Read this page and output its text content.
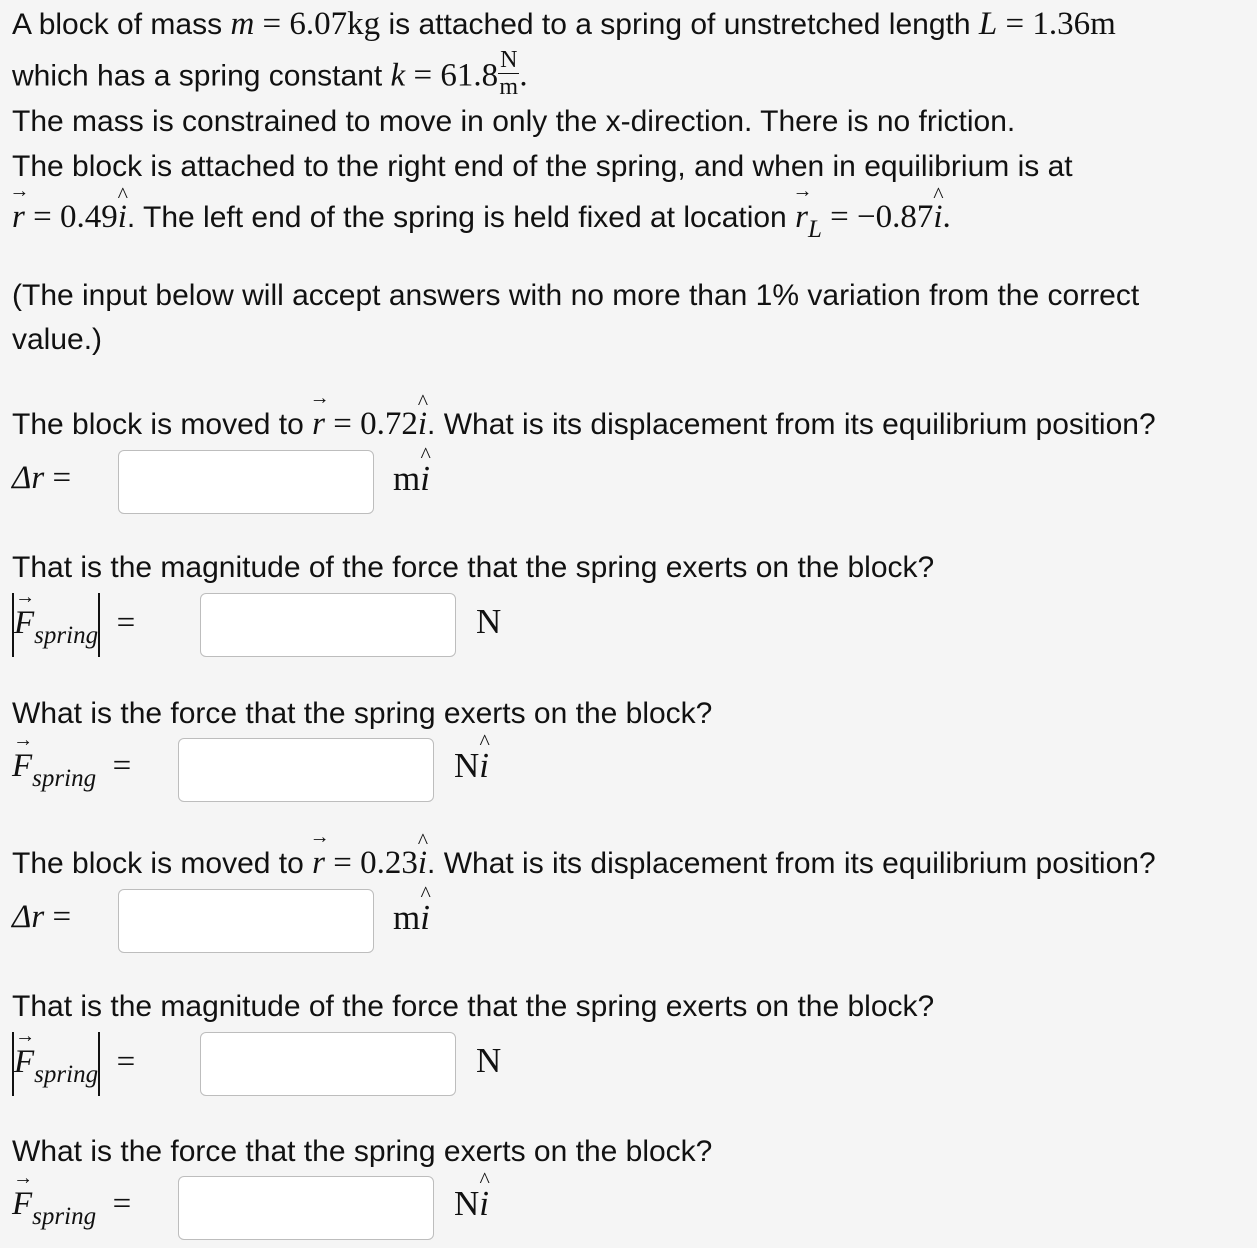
A block of mass m = 6.07kg is attached to a spring of unstretched length L = 1.36m
which has a spring constant $k = 61.8 \frac{N}{m}$ .
The mass is constrained to move in only the x-direction. There is no friction.
The block is attached to the right end of the spring, and when in equilibrium is at
→ r = 0.49^ i. The left end of the spring is held fixed at location → $r_L$ = −0.87^ i.
(The input below will accept answers with no more than 1% variation from the correct
value.)
The block is moved to → r = 0.72^ i. What is its displacement from its equilibrium position?
Δr =	m^ i
That is the magnitude of the force that the spring exerts on the block?
→ $F_{spring}$  =	N
What is the force that the spring exerts on the block?
→ $F_{spring}$  =	N^ i
The block is moved to → r = 0.23^ i. What is its displacement from its equilibrium position?
Δr =	m^ i
That is the magnitude of the force that the spring exerts on the block?
→ $F_{spring}$  =	N
What is the force that the spring exerts on the block?
→ $F_{spring}$  =	N^ i
